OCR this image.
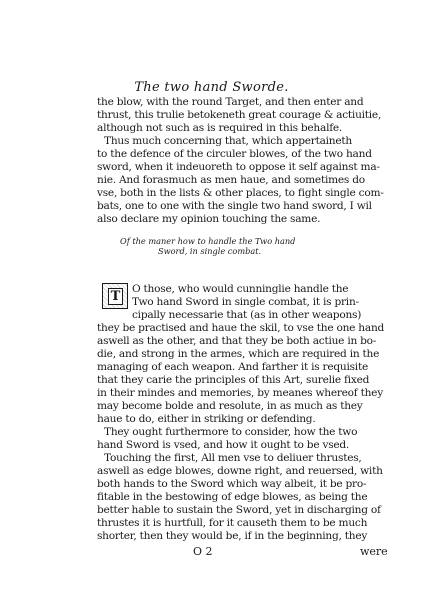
The two hand Sworde.
the blow, with the round Target, and then enter and
thrust, this trulie betokeneth great courage & actiuitie,
although not such as is required in this behalfe.
Thus much concerning that, which appertaineth
to the defence of the circuler blowes, of the two hand
sword, when it indeuoreth to oppose it self against ma-
nie. And forasmuch as men haue, and sometimes do
vse, both in the lists & other places, to fight single com-
bats, one to one with the single two hand sword, I wil
also declare my opinion touching the same.
Of the maner how to handle the Two hand
Sword, in single combat.
T O those, who would cunninglie handle the
Two hand Sword in single combat, it is prin-
cipally necessarie that (as in other weapons)
they be practised and haue the skil, to vse the one hand
aswell as the other, and that they be both actiue in bo-
die, and strong in the armes, which are required in the
managing of each weapon. And farther it is requisite
that they carie the principles of this Art, surelie fixed
in their mindes and memories, by meanes whereof they
may become bolde and resolute, in as much as they
haue to do, either in striking or defending.
They ought furthermore to consider, how the two
hand Sword is vsed, and how it ought to be vsed.
Touching the first, All men vse to deliuer thrustes,
aswell as edge blowes, downe right, and reuersed, with
both hands to the Sword which way albeit, it be pro-
fitable in the bestowing of edge blowes, as being the
better hable to sustain the Sword, yet in discharging of
thrustes it is hurtfull, for it causeth them to be much
shorter, then they would be, if in the beginning, they
O 2	were
